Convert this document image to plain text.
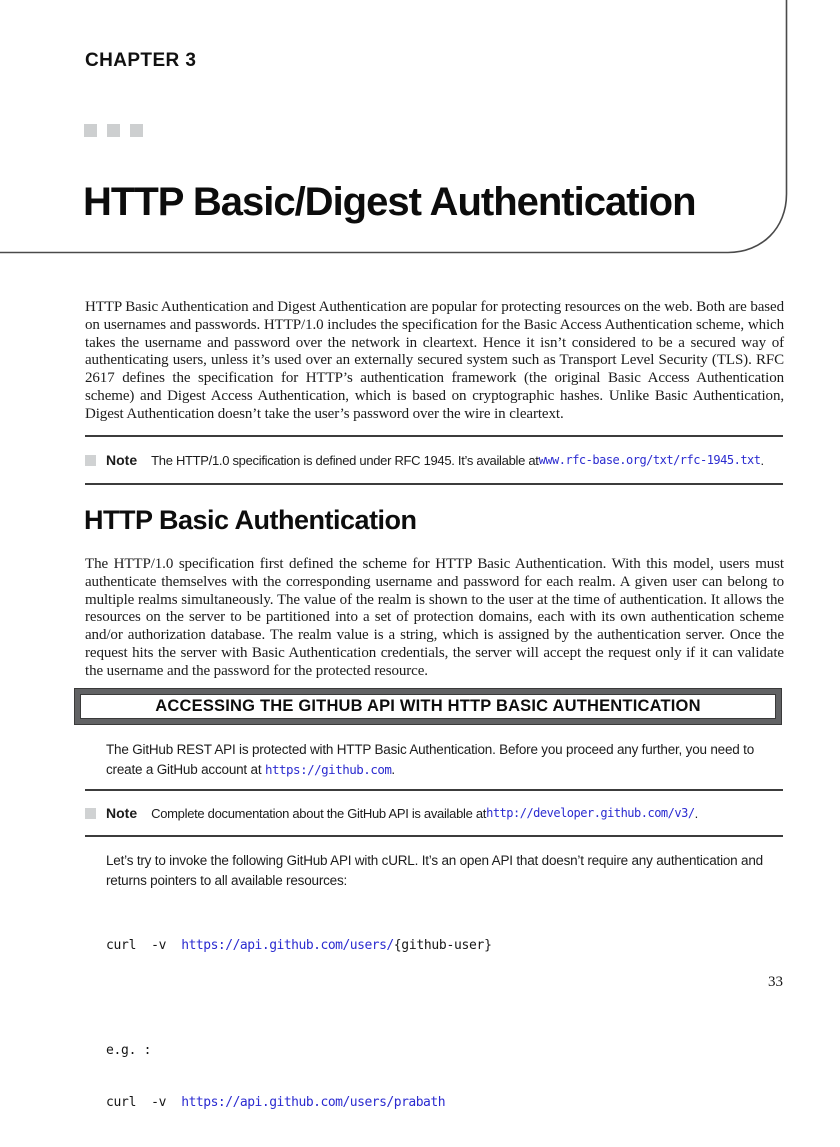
CHAPTER 3
HTTP Basic/Digest Authentication

HTTP Basic Authentication and Digest Authentication are popular for protecting resources on the web. Both are based on usernames and passwords. HTTP/1.0 includes the specification for the Basic Access Authentication scheme, which takes the username and password over the network in cleartext. Hence it isn’t considered to be a secured way of authenticating users, unless it’s used over an externally secured system such as Transport Level Security (TLS). RFC 2617 defines the specification for HTTP’s authentication framework (the original Basic Access Authentication scheme) and Digest Access Authentication, which is based on cryptographic hashes. Unlike Basic Authentication, Digest Authentication doesn’t take the user’s password over the wire in cleartext.

Note The HTTP/1.0 specification is defined under RFC 1945. It’s available at www.rfc-base.org/txt/rfc-1945.txt .
HTTP Basic Authentication

The HTTP/1.0 specification first defined the scheme for HTTP Basic Authentication. With this model, users must authenticate themselves with the corresponding username and password for each realm. A given user can belong to multiple realms simultaneously. The value of the realm is shown to the user at the time of authentication. It allows the resources on the server to be partitioned into a set of protection domains, each with its own authentication scheme and/or authorization database. The realm value is a string, which is assigned by the authentication server. Once the request hits the server with Basic Authentication credentials, the server will accept the request only if it can validate the username and the password for the protected resource.

ACCESSING THE GITHUB API WITH HTTP BASIC AUTHENTICATION

The GitHub REST API is protected with HTTP Basic Authentication. Before you proceed any further, you need to create a GitHub account at https://github.com.

Note Complete documentation about the GitHub API is available at http://developer.github.com/v3/ .

Let’s try to invoke the following GitHub API with cURL. It’s an open API that doesn’t require any authentication and returns pointers to all available resources:

curl  -v  https://api.github.com/users/{github-user}

e.g. :

curl  -v  https://api.github.com/users/prabath

33
